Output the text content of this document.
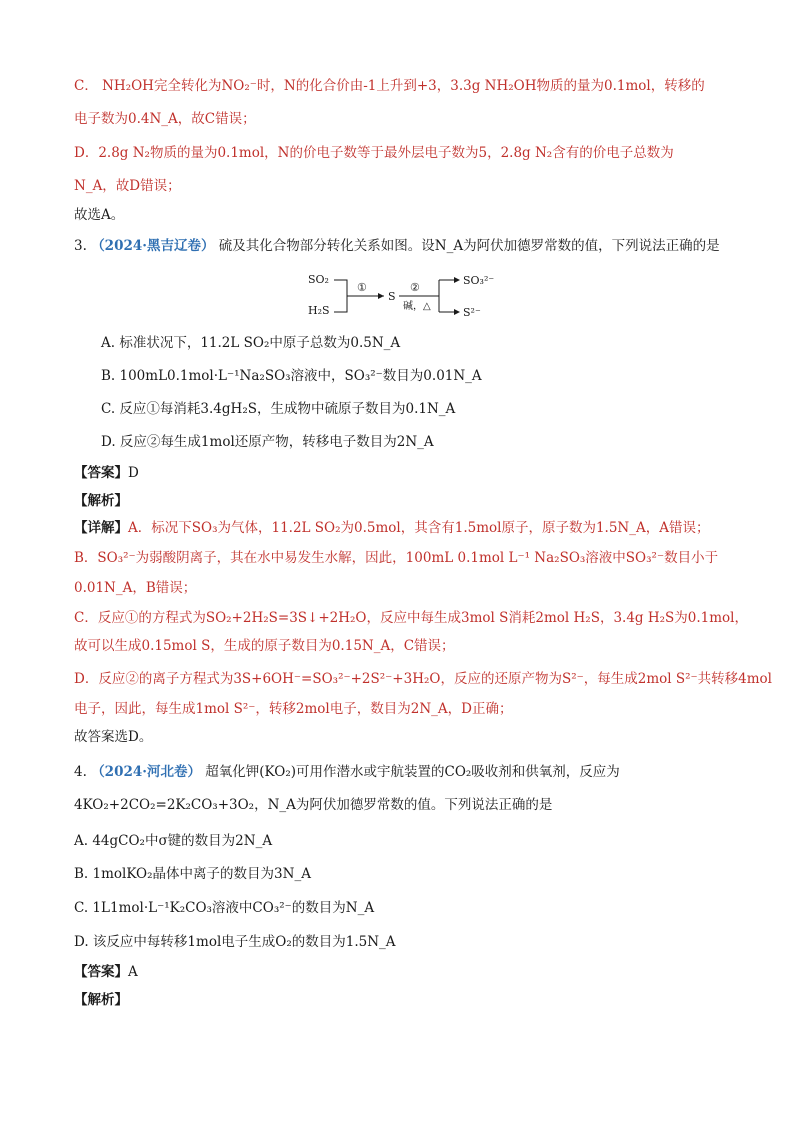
C． NH₂OH完全转化为NO₂⁻时，N的化合价由-1上升到+3，3.3g NH₂OH物质的量为0.1mol，转移的
电子数为0.4N_A，故C错误；
D．2.8g N₂物质的量为0.1mol，N的价电子数等于最外层电子数为5，2.8g N₂含有的价电子总数为
N_A，故D错误；
故选A。
3. （2024·黑吉辽卷） 硫及其化合物部分转化关系如图。设N_A为阿伏加德罗常数的值，下列说法正确的是
SO₂
H₂S
①
S
②
碱，△
SO₃²⁻
S²⁻
A. 标准状况下，11.2L SO₂中原子总数为0.5N_A
B. 100mL0.1mol·L⁻¹Na₂SO₃溶液中，SO₃²⁻数目为0.01N_A
C. 反应①每消耗3.4gH₂S，生成物中硫原子数目为0.1N_A
D. 反应②每生成1mol还原产物，转移电子数目为2N_A
【答案】D
【解析】
【详解】A．标况下SO₃为气体，11.2L SO₂为0.5mol，其含有1.5mol原子，原子数为1.5N_A，A错误；
B．SO₃²⁻为弱酸阴离子，其在水中易发生水解，因此，100mL 0.1mol L⁻¹ Na₂SO₃溶液中SO₃²⁻数目小于
0.01N_A，B错误；
C．反应①的方程式为SO₂+2H₂S=3S↓+2H₂O，反应中每生成3mol S消耗2mol H₂S，3.4g H₂S为0.1mol，
故可以生成0.15mol S，生成的原子数目为0.15N_A，C错误；
D．反应②的离子方程式为3S+6OH⁻=SO₃²⁻+2S²⁻+3H₂O，反应的还原产物为S²⁻，每生成2mol S²⁻共转移4mol
电子，因此，每生成1mol S²⁻，转移2mol电子，数目为2N_A，D正确；
故答案选D。
4. （2024·河北卷） 超氧化钾(KO₂)可用作潜水或宇航装置的CO₂吸收剂和供氧剂，反应为
4KO₂+2CO₂=2K₂CO₃+3O₂，N_A为阿伏加德罗常数的值。下列说法正确的是
A. 44gCO₂中σ键的数目为2N_A
B. 1molKO₂晶体中离子的数目为3N_A
C. 1L1mol·L⁻¹K₂CO₃溶液中CO₃²⁻的数目为N_A
D. 该反应中每转移1mol电子生成O₂的数目为1.5N_A
【答案】A
【解析】
